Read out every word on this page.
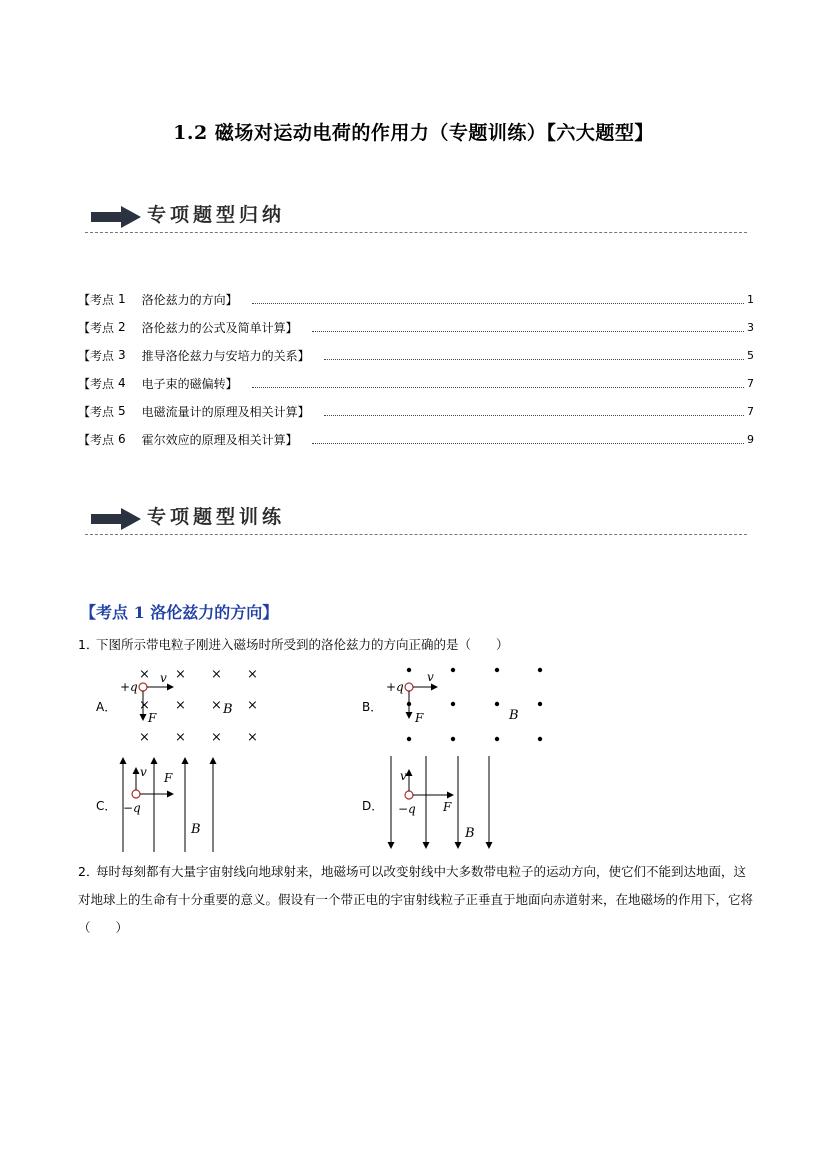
1.2 磁场对运动电荷的作用力（专题训练）【六大题型】
专项题型归纳
【考点 1 洛伦兹力的方向】	1
【考点 2 洛伦兹力的公式及简单计算】	3
【考点 3 推导洛伦兹力与安培力的关系】	5
【考点 4 电子束的磁偏转】	7
【考点 5 电磁流量计的原理及相关计算】	7
【考点 6 霍尔效应的原理及相关计算】	9
专项题型训练
【考点 1 洛伦兹力的方向】
1．下图所示带电粒子刚进入磁场时所受到的洛伦兹力的方向正确的是（　　）
A．	B．
C．	D．
× × × ×
× × × ×
× × × ×
+q
v
F
B
+q
v
F	B
v F
−q
B
v
F
−q
B
2．每时每刻都有大量宇宙射线向地球射来，地磁场可以改变射线中大多数带电粒子的运动方向，使它们不能到达地面，这对地球上的生命有十分重要的意义。假设有一个带正电的宇宙射线粒子正垂直于地面向赤道射来，在地磁场的作用下，它将（　　）
